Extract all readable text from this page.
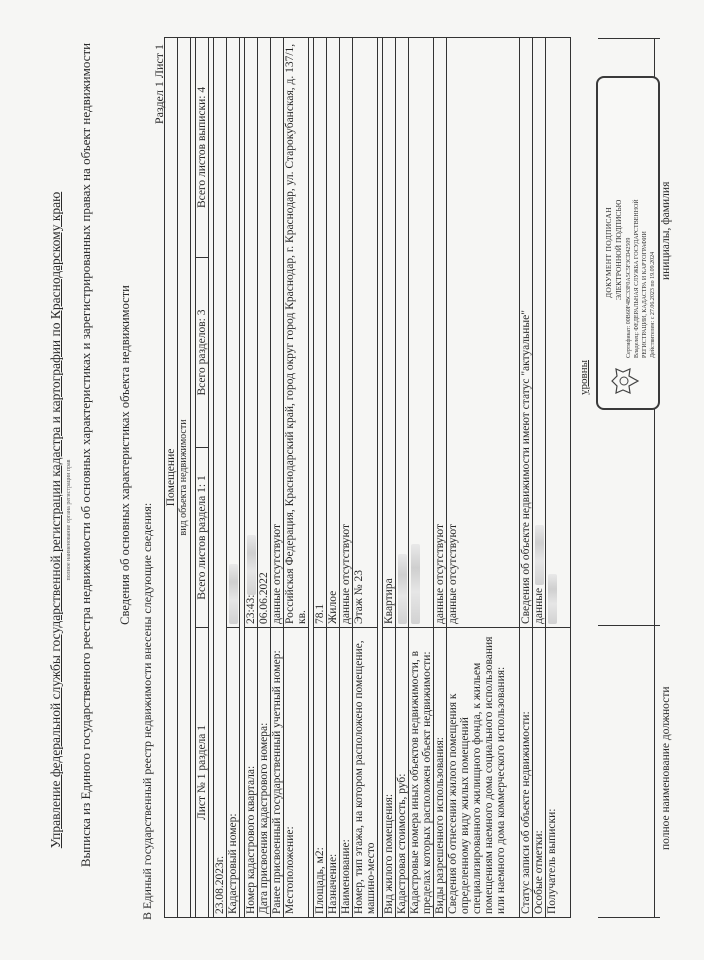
Управление федеральной службы государственной регистрации кадастра и картографии по Краснодарскому краю полное наименование органа регистрации прав Выписка из Единого государственного реестра недвижимости об основных характеристиках и зарегистрированных правах на объект недвижимости Сведения об основных характеристиках объекта недвижимости
В Единый государственный реестр недвижимости внесены следующие сведения:
Раздел 1 Лист 1
Помещение			
вид объекта недвижимости			

Лист № 1 раздела 1	Всего листов раздела 1: 1	Всего разделов: 3	Всего листов выписки: 4

23.08.2023г.			
Кадастровый номер:			

Номер кадастрового квартала:	23:43:		
Дата присвоения кадастрового номера:	06.06.2022		
Ранее присвоенный государственный учетный номер:	данные отсутствуют		
Местоположение:	Российская Федерация, Краснодарский край, город округ город Краснодар, г. Краснодар, ул. Старокубанская, д. 137/1, кв.		

Площадь, м2:	78.1		
Назначение:	Жилое		
Наименование:	данные отсутствуют		
Номер, тип этажа, на котором расположено помещение, машино-место	Этаж № 23		

Вид жилого помещения:	Квартира		
Кадастровая стоимость, руб:			
Кадастровые номера иных объектов недвижимости, в пределах которых расположен объект недвижимости:			
Виды разрешенного использования:	данные отсутствуют		
Сведения об отнесении жилого помещения к определенному виду жилых помещений специализированного жилищного фонда, к жильем помещениям наемного дома социального использования или наемного дома коммерческого использования:	данные отсутствуют		
Статус записи об объекте недвижимости:	Сведения об объекте недвижимости имеют статус "актуальные"		
Особые отметки:	данные		
Получатель выписки:			
полное наименование должности
инициалы, фамилия
уровны
ДОКУМЕНТ ПОДПИСАН ЭЛЕКТРОННОЙ ПОДПИСЬЮ Сертификат: 00B60F4BC33F0A5C5F3CD42509 Владелец: ФЕДЕРАЛЬНАЯ СЛУЖБА ГОСУДАРСТВЕННОЙ РЕГИСТРАЦИИ, КАДАСТРА И КАРТОГРАФИИ Действителен: с 27.06.2023 по 19.09.2024
